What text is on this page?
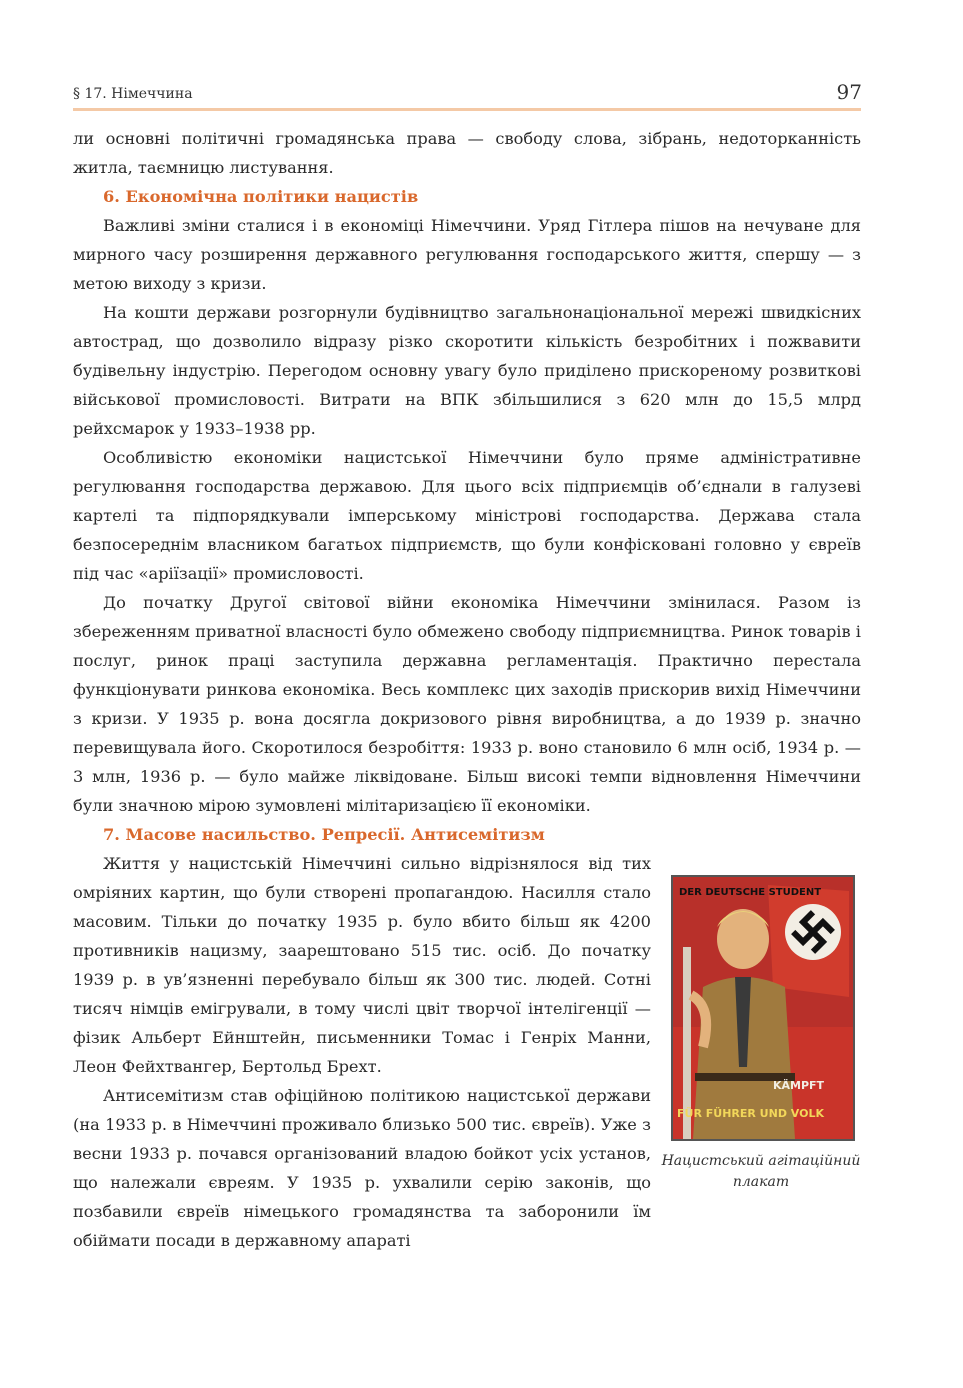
§ 17. Німеччина	97

ли основні політичні громадянська права — свободу слова, зібрань, недоторканність житла, таємницю листування.

6. Економічна політики нацистів

Важливі зміни сталися і в економіці Німеччини. Уряд Гітлера пішов на нечуване для мирного часу розширення державного регулювання господарського життя, спершу — з метою виходу з кризи.

На кошти держави розгорнули будівництво загальнонаціональної мережі швидкісних автострад, що дозволило відразу різко скоротити кількість безробітних і пожвавити будівельну індустрію. Перегодом основну увагу було приділено прискореному розвиткові військової промисловості. Витрати на ВПК збільшилися з 620 млн до 15,5 млрд рейхсмарок у 1933–1938 рр.

Особливістю економіки нацистської Німеччини було пряме адміністративне регулювання господарства державою. Для цього всіх підприємців об’єднали в галузеві картелі та підпорядкували імперському міністрові господарства. Держава стала безпосереднім власником багатьох підприємств, що були конфісковані головно у євреїв під час «аріїзації» промисловості.

До початку Другої світової війни економіка Німеччини змінилася. Разом із збереженням приватної власності було обмежено свободу підприємництва. Ринок товарів і послуг, ринок праці заступила державна регламентація. Практично перестала функціонувати ринкова економіка. Весь комплекс цих заходів прискорив вихід Німеччини з кризи. У 1935 р. вона досягла докризового рівня виробництва, а до 1939 р. значно перевищувала його. Скоротилося безробіття: 1933 р. воно становило 6 млн осіб, 1934 р. — 3 млн, 1936 р. — було майже ліквідоване. Більш високі темпи відновлення Німеччини були значною мірою зумовлені мілітаризацією її економіки.

7. Масове насильство. Репресії. Антисемітизм
DER DEUTSCHE STUDENT
KÄMPFT
FÜR FÜHRER UND VOLK
Нацистський агітаційний плакат

Життя у нацистській Німеччині сильно відрізнялося від тих омріяних картин, що були створені пропагандою. Насилля стало масовим. Тільки до початку 1935 р. було вбито більш як 4200 противників нацизму, заарештовано 515 тис. осіб. До початку 1939 р. в ув’язненні перебувало більш як 300 тис. людей. Сотні тисяч німців емігрували, в тому числі цвіт творчої інтелігенції — фізик Альберт Ейнштейн, письменники Томас і Генріх Манни, Леон Фейхтвангер, Бертольд Брехт.

Антисемітизм став офіційною політикою нацистської держави (на 1933 р. в Німеччині проживало близько 500 тис. євреїв). Уже з весни 1933 р. почався організований владою бойкот усіх установ, що належали євреям. У 1935 р. ухвалили серію законів, що позбавили євреїв німецького громадянства та заборонили їм обіймати посади в державному апараті
